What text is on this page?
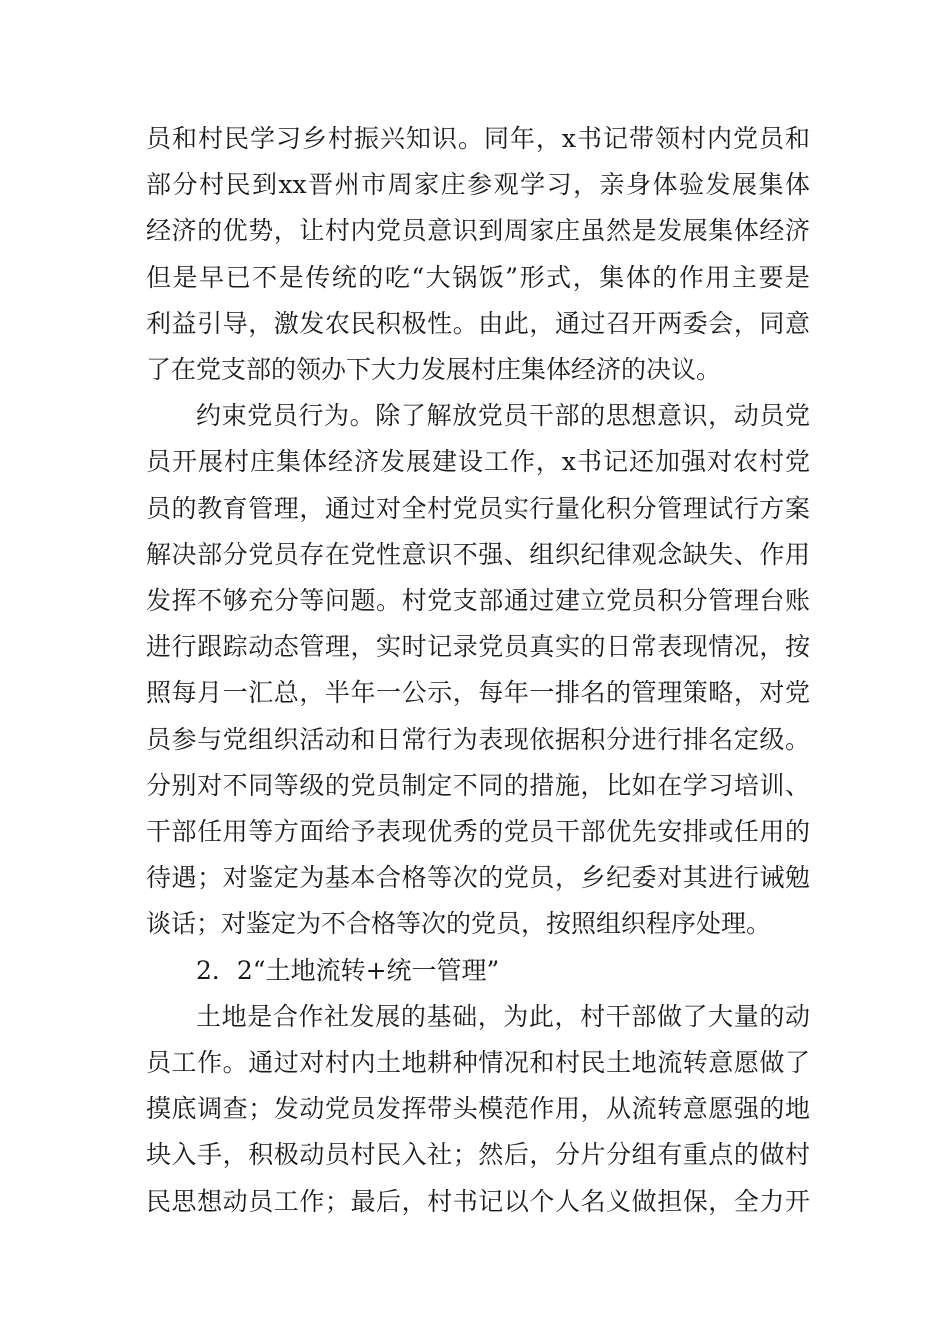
员和村民学习乡村振兴知识。同年，x书记带领村内党员和
部分村民到xx晋州市周家庄参观学习，亲身体验发展集体
经济的优势，让村内党员意识到周家庄虽然是发展集体经济
但是早已不是传统的吃“大锅饭”形式，集体的作用主要是
利益引导，激发农民积极性。由此，通过召开两委会，同意
了在党支部的领办下大力发展村庄集体经济的决议。
约束党员行为。除了解放党员干部的思想意识，动员党
员开展村庄集体经济发展建设工作，x书记还加强对农村党
员的教育管理，通过对全村党员实行量化积分管理试行方案
解决部分党员存在党性意识不强、组织纪律观念缺失、作用
发挥不够充分等问题。村党支部通过建立党员积分管理台账
进行跟踪动态管理，实时记录党员真实的日常表现情况，按
照每月一汇总，半年一公示，每年一排名的管理策略，对党
员参与党组织活动和日常行为表现依据积分进行排名定级。
分别对不同等级的党员制定不同的措施，比如在学习培训、
干部任用等方面给予表现优秀的党员干部优先安排或任用的
待遇；对鉴定为基本合格等次的党员，乡纪委对其进行诫勉
谈话；对鉴定为不合格等次的党员，按照组织程序处理。
2．2“土地流转+统一管理”
土地是合作社发展的基础，为此，村干部做了大量的动
员工作。通过对村内土地耕种情况和村民土地流转意愿做了
摸底调查；发动党员发挥带头模范作用，从流转意愿强的地
块入手，积极动员村民入社；然后，分片分组有重点的做村
民思想动员工作；最后，村书记以个人名义做担保，全力开
